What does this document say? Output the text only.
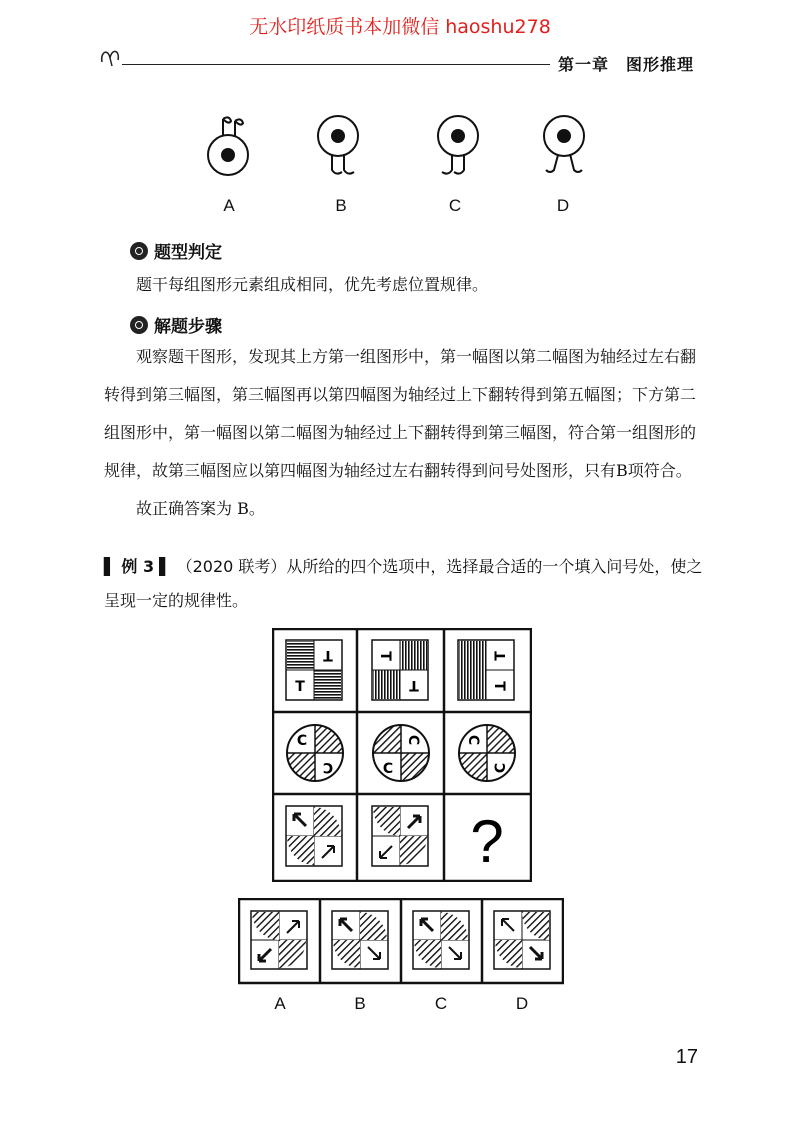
无水印纸质书本加微信 haoshu278
第一章　图形推理
A	B	C	D
题型判定
题干每组图形元素组成相同，优先考虑位置规律。
解题步骤
观察题干图形，发现其上方第一组图形中，第一幅图以第二幅图为轴经过左右翻转得到第三幅图，第三幅图再以第四幅图为轴经过上下翻转得到第五幅图；下方第二组图形中，第一幅图以第二幅图为轴经过上下翻转得到第三幅图，符合第一组图形的规律，故第三幅图应以第四幅图为轴经过左右翻转得到问号处图形，只有B项符合。
故正确答案为 B。
▌ 例 3 ▌ （2020 联考）从所给的四个选项中，选择最合适的一个填入问号处，使之呈现一定的规律性。
T
T
T
T
T
T
C
C
C
C
C
C
?
A	B	C	D
17
